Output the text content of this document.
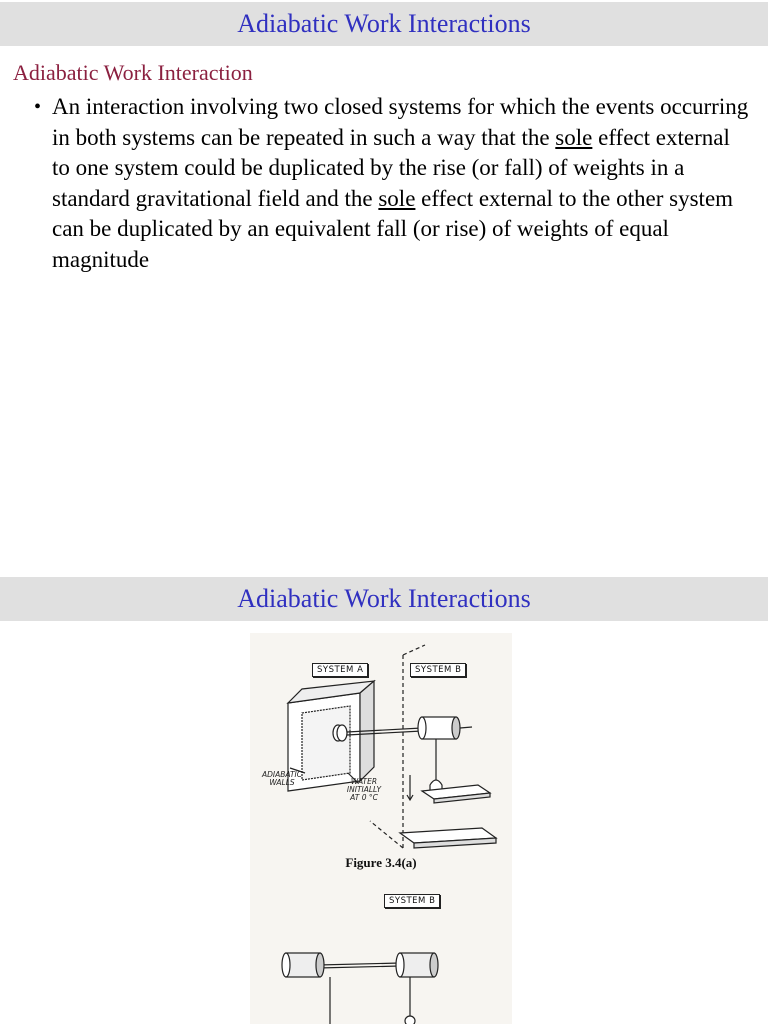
Adiabatic Work Interactions
Adiabatic Work Interaction
• An interaction involving two closed systems for which the events occurring in both systems can be repeated in such a way that the sole effect external to one system could be duplicated by the rise (or fall) of weights in a standard gravitational field and the sole effect external to the other system can be duplicated by an equivalent fall (or rise) of weights of equal magnitude
Adiabatic Work Interactions
SYSTEM A	SYSTEM B
ADIABATIC
WALLS	WATER
INITIALLY
AT 0 °C
Figure 3.4(a)
SYSTEM B
